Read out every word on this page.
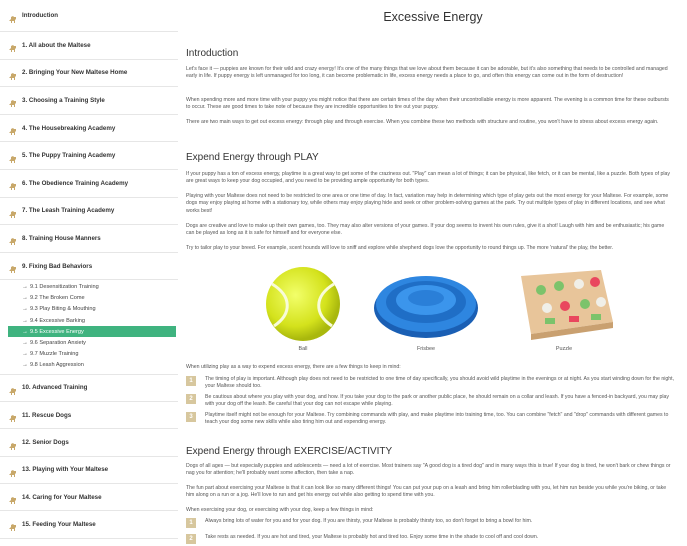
Introduction
1. All about the Maltese
2. Bringing Your New Maltese Home
3. Choosing a Training Style
4. The Housebreaking Academy
5. The Puppy Training Academy
6. The Obedience Training Academy
7. The Leash Training Academy
8. Training House Manners
9. Fixing Bad Behaviors
→ 9.1 Desensitization Training
→ 9.2 The Broken Come
→ 9.3 Play Biting & Mouthing
→ 9.4 Excessive Barking
→ 9.5 Excessive Energy
→ 9.6 Separation Anxiety
→ 9.7 Muzzle Training
→ 9.8 Leash Aggression
10. Advanced Training
11. Rescue Dogs
12. Senior Dogs
13. Playing with Your Maltese
14. Caring for Your Maltese
15. Feeding Your Maltese
Excessive Energy
Introduction

Let's face it — puppies are known for their wild and crazy energy! It's one of the many things that we love about them because it can be adorable, but it's also something that needs to be controlled and managed early in life. If puppy energy is left unmanaged for too long, it can become problematic in life, excess energy needs a place to go, and often this energy can come out in the form of destruction!

When spending more and more time with your puppy you might notice that there are certain times of the day when their uncontrollable energy is more apparent. The evening is a common time for these outbursts to occur. These are good times to take note of because they are incredible opportunities to tire out your puppy.

There are two main ways to get out excess energy: through play and through exercise. When you combine these two methods with structure and routine, you won't have to stress about excess energy again.

Expend Energy through PLAY

If your puppy has a ton of excess energy, playtime is a great way to get some of the craziness out. "Play" can mean a lot of things; it can be physical, like fetch, or it can be mental, like a puzzle. Both types of play are great ways to keep your dog occupied, and you need to be providing ample opportunity for both types.

Playing with your Maltese does not need to be restricted to one area or one time of day. In fact, variation may help in determining which type of play gets out the most energy for your Maltese. For example, some dogs may enjoy playing at home with a stationary toy, while others may enjoy playing hide and seek or other problem-solving games at the park. Try out multiple types of play in different locations, and see what works best!

Dogs are creative and love to make up their own games, too. They may also alter versions of your games. If your dog seems to invent his own rules, give it a shot! Laugh with him and be enthusiastic; his game can be played as long as it is safe for himself and for everyone else.

Try to tailor play to your breed. For example, scent hounds will love to sniff and explore while shepherd dogs love the opportunity to round things up. The more 'natural' the play, the better.

Ball	Frisbee	Puzzle

When utilizing play as a way to expend excess energy, there are a few things to keep in mind:

1	The timing of play is important. Although play does not need to be restricted to one time of day specifically, you should avoid wild playtime in the evenings or at night. As you start winding down for the night, your Maltese should too.

2	Be cautious about where you play with your dog, and how. If you take your dog to the park or another public place, he should remain on a collar and leash. If you have a fenced-in backyard, you may play with your dog off the leash. Be careful that your dog can not escape while playing.

3	Playtime itself might not be enough for your Maltese. Try combining commands with play, and make playtime into training time, too. You can combine "fetch" and "drop" commands with different games to teach your dog some new skills while also tiring him out and expending energy.

Expend Energy through EXERCISE/ACTIVITY

Dogs of all ages — but especially puppies and adolescents — need a lot of exercise. Most trainers say "A good dog is a tired dog" and in many ways this is true! If your dog is tired, he won't bark or chew things or nag you for attention; he'll probably want some affection, then take a nap.

The fun part about exercising your Maltese is that it can look like so many different things! You can put your pup on a leash and bring him rollerblading with you, let him run beside you while you're biking, or take him along on a run or a jog. He'll love to run and get his energy out while also getting to spend time with you.

When exercising your dog, or exercising with your dog, keep a few things in mind:

1	Always bring lots of water for you and for your dog. If you are thirsty, your Maltese is probably thirsty too, so don't forget to bring a bowl for him.

2	Take rests as needed. If you are hot and tired, your Maltese is probably hot and tired too. Enjoy some time in the shade to cool off and cool down.
